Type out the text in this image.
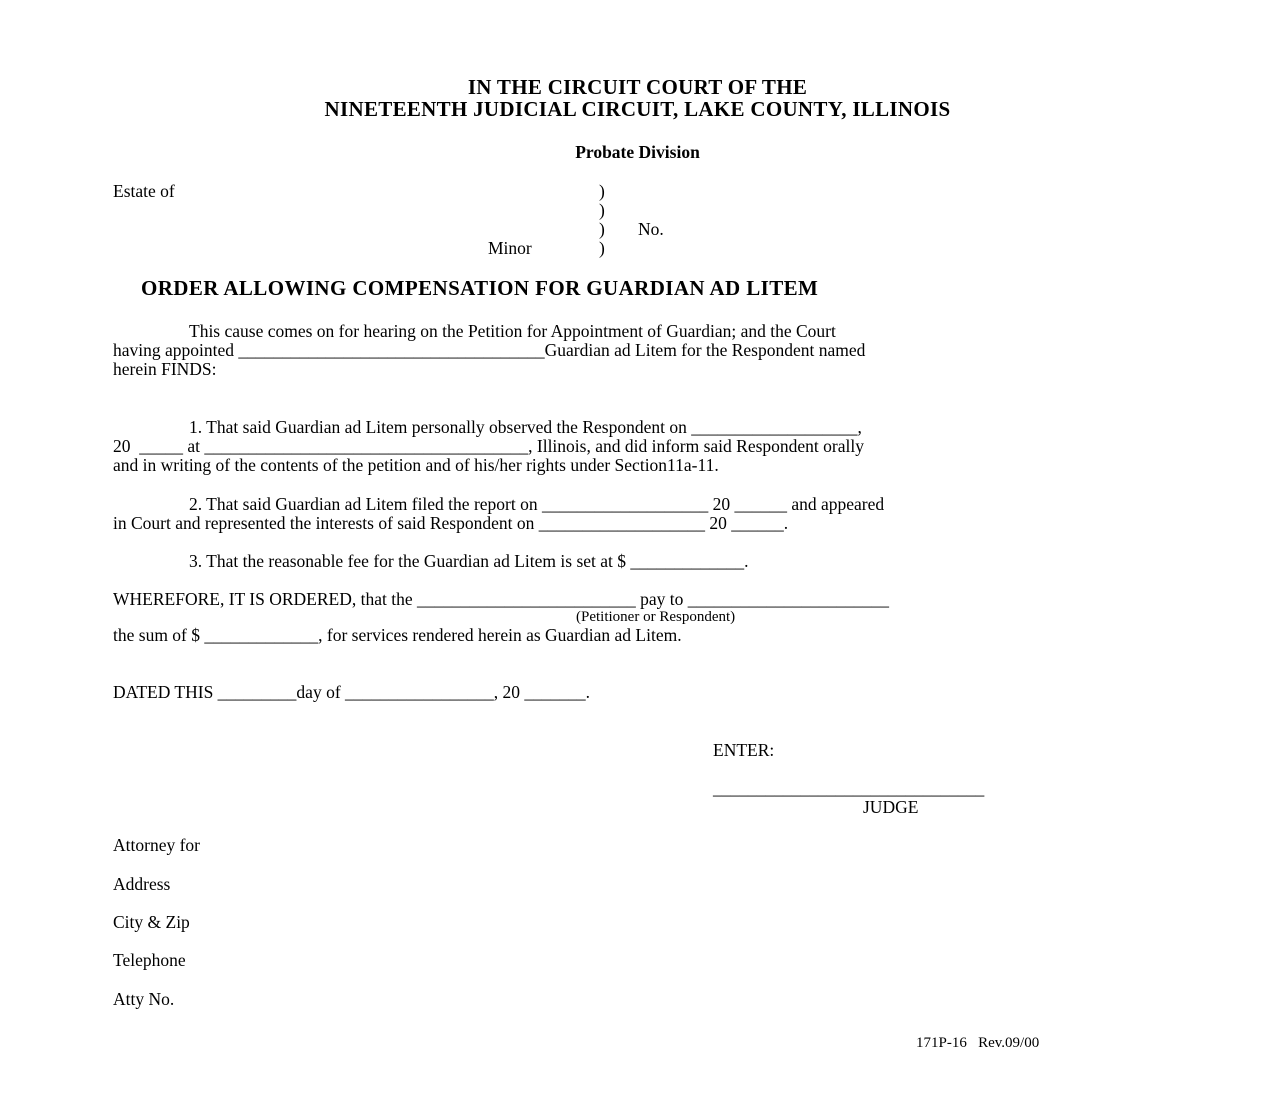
IN THE CIRCUIT COURT OF THE
NINETEENTH JUDICIAL CIRCUIT, LAKE COUNTY, ILLINOIS
Probate Division
Estate of	)
)
) No.
Minor	)
ORDER ALLOWING COMPENSATION FOR GUARDIAN AD LITEM
This cause comes on for hearing on the Petition for Appointment of Guardian; and the Court
having appointed ___________________________________Guardian ad Litem for the Respondent named
herein FINDS:
1. That said Guardian ad Litem personally observed the Respondent on ___________________,
20  _____ at _____________________________________, Illinois, and did inform said Respondent orally
and in writing of the contents of the petition and of his/her rights under Section11a-11.
2. That said Guardian ad Litem filed the report on ___________________ 20 ______ and appeared
in Court and represented the interests of said Respondent on ___________________ 20 ______.
3. That the reasonable fee for the Guardian ad Litem is set at $ _____________.
WHEREFORE, IT IS ORDERED, that the _________________________ pay to _______________________
(Petitioner or Respondent)
the sum of $ _____________, for services rendered herein as Guardian ad Litem.
DATED THIS _________day of _________________, 20 _______.
ENTER:
_______________________________
JUDGE
Attorney for
Address
City & Zip
Telephone
Atty No.
171P-16   Rev.09/00
